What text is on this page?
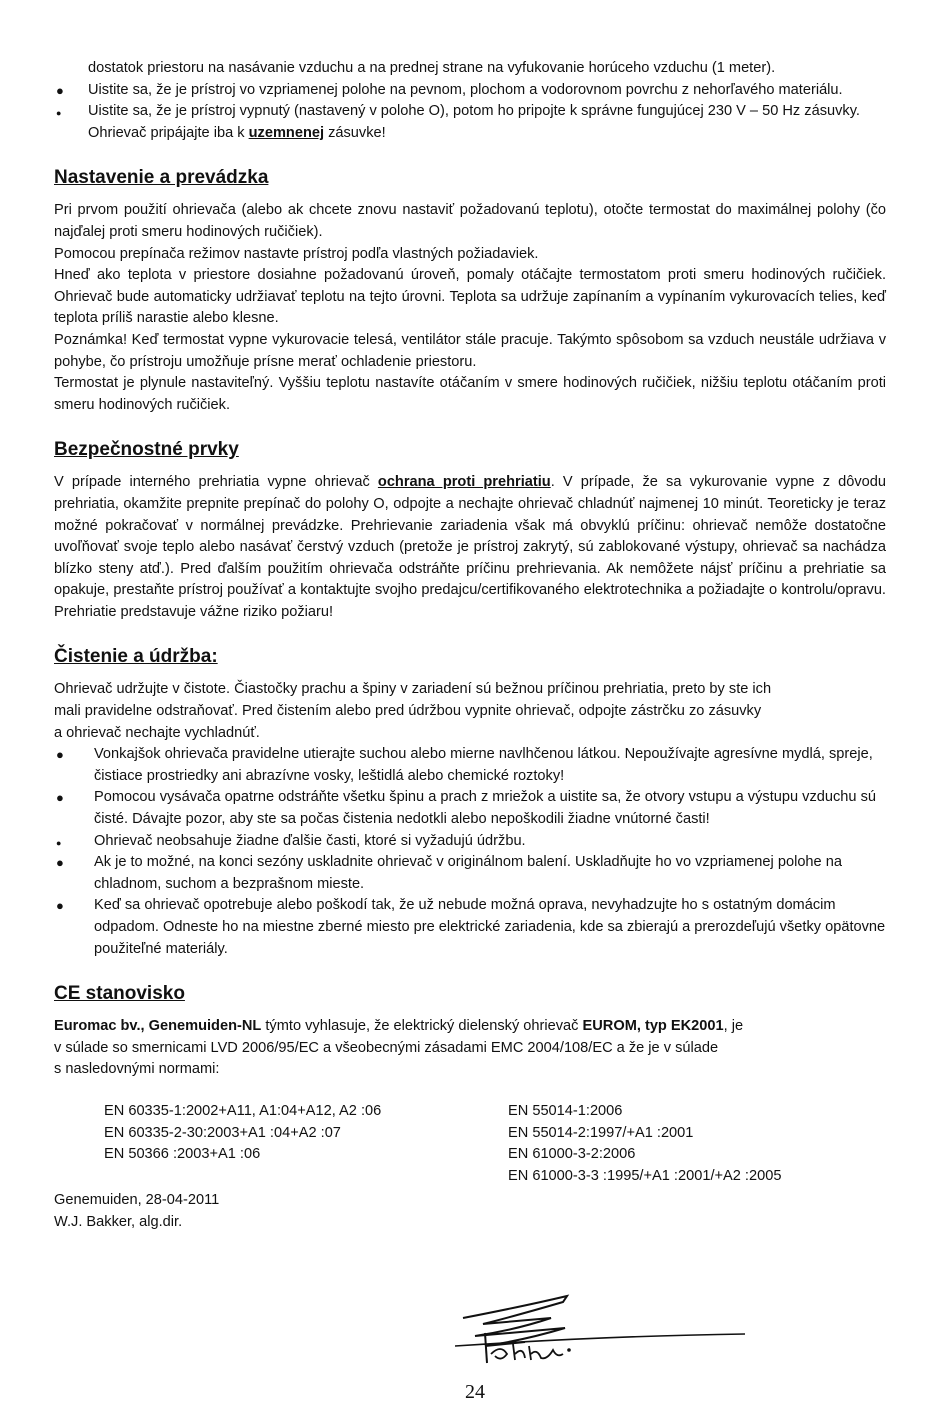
dostatok priestoru na nasávanie vzduchu a na prednej strane na vyfukovanie horúceho vzduchu (1 meter).

● Uistite sa, že je prístroj vo vzpriamenej polohe na pevnom, plochom a vodorovnom povrchu z nehorľavého materiálu.
● Uistite sa, že je prístroj vypnutý (nastavený v polohe O), potom ho pripojte k správne fungujúcej 230 V – 50 Hz zásuvky. Ohrievač pripájajte iba k uzemnenej zásuvke!
Nastavenie a prevádzka

Pri prvom použití ohrievača (alebo ak chcete znovu nastaviť požadovanú teplotu), otočte termostat do maximálnej polohy (čo najďalej proti smeru hodinových ručičiek).

Pomocou prepínača režimov nastavte prístroj podľa vlastných požiadaviek.

Hneď ako teplota v priestore dosiahne požadovanú úroveň, pomaly otáčajte termostatom proti smeru hodinových ručičiek. Ohrievač bude automaticky udržiavať teplotu na tejto úrovni. Teplota sa udržuje zapínaním a vypínaním vykurovacích telies, keď teplota príliš narastie alebo klesne.

Poznámka! Keď termostat vypne vykurovacie telesá, ventilátor stále pracuje. Takýmto spôsobom sa vzduch neustále udržiava v pohybe, čo prístroju umožňuje prísne merať ochladenie priestoru.

Termostat je plynule nastaviteľný. Vyššiu teplotu nastavíte otáčaním v smere hodinových ručičiek, nižšiu teplotu otáčaním proti smeru hodinových ručičiek.

Bezpečnostné prvky

V prípade interného prehriatia vypne ohrievač ochrana proti prehriatiu. V prípade, že sa vykurovanie vypne z dôvodu prehriatia, okamžite prepnite prepínač do polohy O, odpojte a nechajte ohrievač chladnúť najmenej 10 minút. Teoreticky je teraz možné pokračovať v normálnej prevádzke. Prehrievanie zariadenia však má obvyklú príčinu: ohrievač nemôže dostatočne uvoľňovať svoje teplo alebo nasávať čerstvý vzduch (pretože je prístroj zakrytý, sú zablokované výstupy, ohrievač sa nachádza blízko steny atď.). Pred ďalším použitím ohrievača odstráňte príčinu prehrievania. Ak nemôžete nájsť príčinu a prehriatie sa opakuje, prestaňte prístroj používať a kontaktujte svojho predajcu/certifikovaného elektrotechnika a požiadajte o kontrolu/opravu. Prehriatie predstavuje vážne riziko požiaru!

Čistenie a údržba:

Ohrievač udržujte v čistote. Čiastočky prachu a špiny v zariadení sú bežnou príčinou prehriatia, preto by ste ich

mali pravidelne odstraňovať. Pred čistením alebo pred údržbou vypnite ohrievač, odpojte zástrčku zo zásuvky

a ohrievač nechajte vychladnúť.

● Vonkajšok ohrievača pravidelne utierajte suchou alebo mierne navlhčenou látkou. Nepoužívajte agresívne mydlá, spreje, čistiace prostriedky ani abrazívne vosky, leštidlá alebo chemické roztoky!
● Pomocou vysávača opatrne odstráňte všetku špinu a prach z mriežok a uistite sa, že otvory vstupu a výstupu vzduchu sú čisté. Dávajte pozor, aby ste sa počas čistenia nedotkli alebo nepoškodili žiadne vnútorné časti!
● Ohrievač neobsahuje žiadne ďalšie časti, ktoré si vyžadujú údržbu.
● Ak je to možné, na konci sezóny uskladnite ohrievač v originálnom balení. Uskladňujte ho vo vzpriamenej polohe na chladnom, suchom a bezprašnom mieste.
● Keď sa ohrievač opotrebuje alebo poškodí tak, že už nebude možná oprava, nevyhadzujte ho s ostatným domácim odpadom. Odneste ho na miestne zberné miesto pre elektrické zariadenia, kde sa zbierajú a prerozdeľujú všetky opätovne použiteľné materiály.
CE stanovisko

Euromac bv., Genemuiden-NL týmto vyhlasuje, že elektrický dielenský ohrievač EUROM, typ EK2001, je

v súlade so smernicami LVD 2006/95/EC a všeobecnými zásadami EMC 2004/108/EC a že je v súlade

s nasledovnými normami:

EN 60335-1:2002+A11, A1:04+A12, A2 :06

EN 60335-2-30:2003+A1 :04+A2 :07

EN 50366 :2003+A1 :06

EN 55014-1:2006

EN 55014-2:1997/+A1 :2001

EN 61000-3-2:2006

EN 61000-3-3 :1995/+A1 :2001/+A2 :2005

Genemuiden, 28-04-2011

W.J. Bakker, alg.dir.

24
